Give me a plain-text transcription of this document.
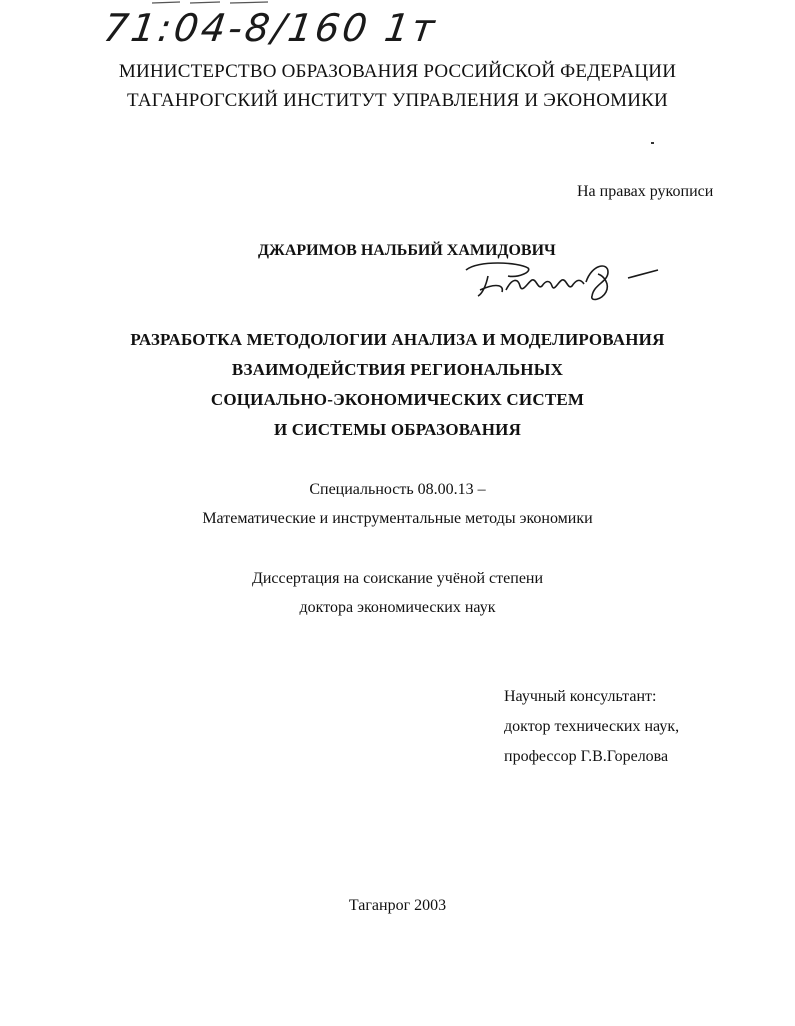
71:04-8/160 1т
МИНИСТЕРСТВО ОБРАЗОВАНИЯ РОССИЙСКОЙ ФЕДЕРАЦИИ
ТАГАНРОГСКИЙ ИНСТИТУТ УПРАВЛЕНИЯ И ЭКОНОМИКИ
На правах рукописи
ДЖАРИМОВ НАЛЬБИЙ ХАМИДОВИЧ
РАЗРАБОТКА МЕТОДОЛОГИИ АНАЛИЗА И МОДЕЛИРОВАНИЯ
ВЗАИМОДЕЙСТВИЯ РЕГИОНАЛЬНЫХ
СОЦИАЛЬНО-ЭКОНОМИЧЕСКИХ СИСТЕМ
И СИСТЕМЫ ОБРАЗОВАНИЯ
Специальность 08.00.13 –
Математические и инструментальные методы экономики
Диссертация на соискание учёной степени
доктора экономических наук
Научный консультант:
доктор технических наук,
профессор Г.В.Горелова
Таганрог 2003
